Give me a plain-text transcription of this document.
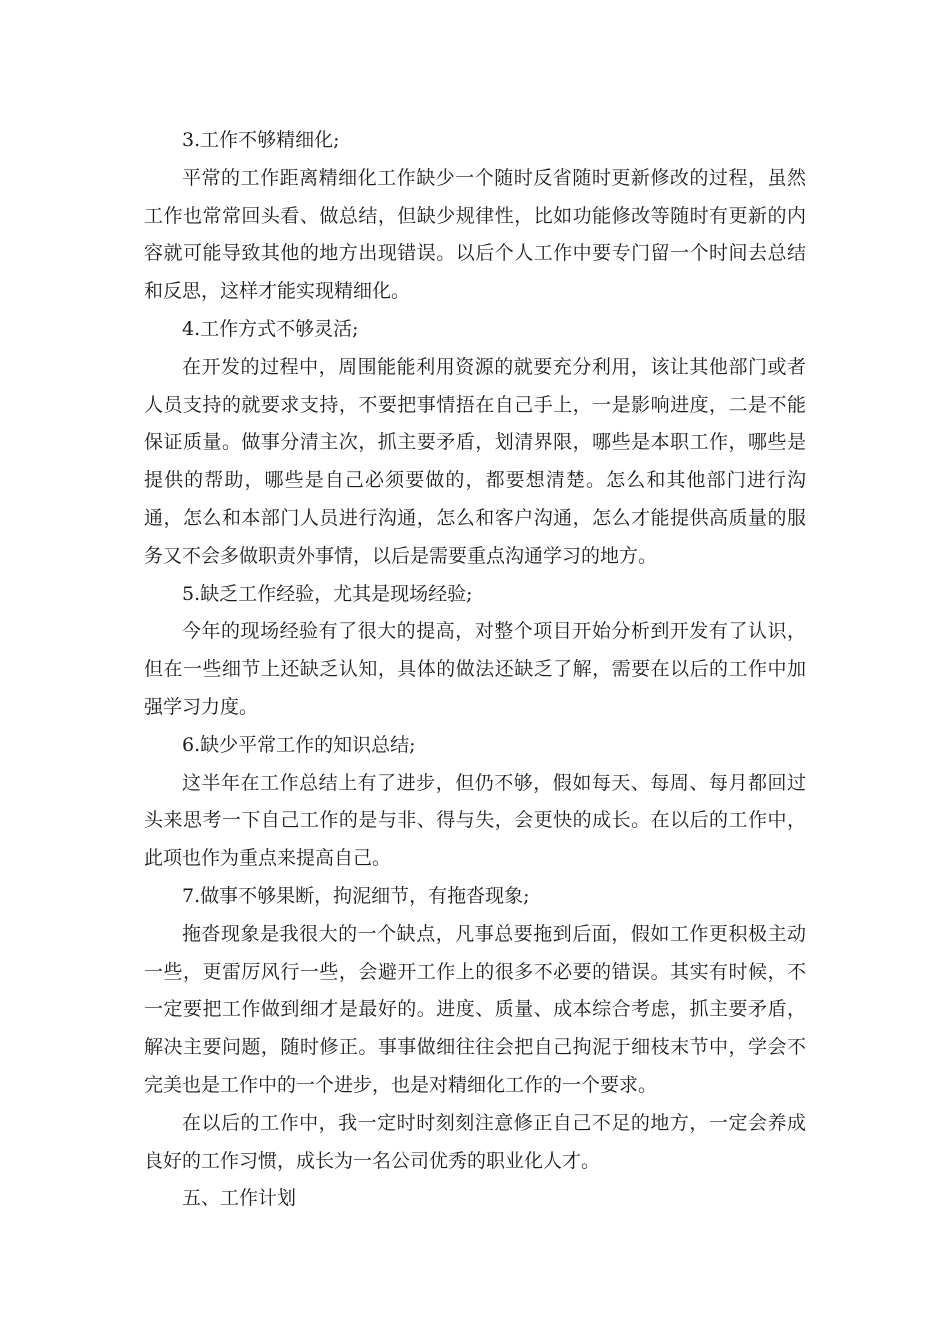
3.工作不够精细化;

平常的工作距离精细化工作缺少一个随时反省随时更新修改的过程，虽然工作也常常回头看、做总结，但缺少规律性，比如功能修改等随时有更新的内容就可能导致其他的地方出现错误。以后个人工作中要专门留一个时间去总结和反思，这样才能实现精细化。

4.工作方式不够灵活;

在开发的过程中，周围能能利用资源的就要充分利用，该让其他部门或者人员支持的就要求支持，不要把事情捂在自己手上，一是影响进度，二是不能保证质量。做事分清主次，抓主要矛盾，划清界限，哪些是本职工作，哪些是提供的帮助，哪些是自己必须要做的，都要想清楚。怎么和其他部门进行沟通，怎么和本部门人员进行沟通，怎么和客户沟通，怎么才能提供高质量的服务又不会多做职责外事情，以后是需要重点沟通学习的地方。

5.缺乏工作经验，尤其是现场经验;

今年的现场经验有了很大的提高，对整个项目开始分析到开发有了认识，但在一些细节上还缺乏认知，具体的做法还缺乏了解，需要在以后的工作中加强学习力度。

6.缺少平常工作的知识总结;

这半年在工作总结上有了进步，但仍不够，假如每天、每周、每月都回过头来思考一下自己工作的是与非、得与失，会更快的成长。在以后的工作中，此项也作为重点来提高自己。

7.做事不够果断，拘泥细节，有拖沓现象;

拖沓现象是我很大的一个缺点，凡事总要拖到后面，假如工作更积极主动一些，更雷厉风行一些，会避开工作上的很多不必要的错误。其实有时候，不一定要把工作做到细才是最好的。进度、质量、成本综合考虑，抓主要矛盾，解决主要问题，随时修正。事事做细往往会把自己拘泥于细枝末节中，学会不完美也是工作中的一个进步，也是对精细化工作的一个要求。

在以后的工作中，我一定时时刻刻注意修正自己不足的地方，一定会养成良好的工作习惯，成长为一名公司优秀的职业化人才。

五、工作计划
